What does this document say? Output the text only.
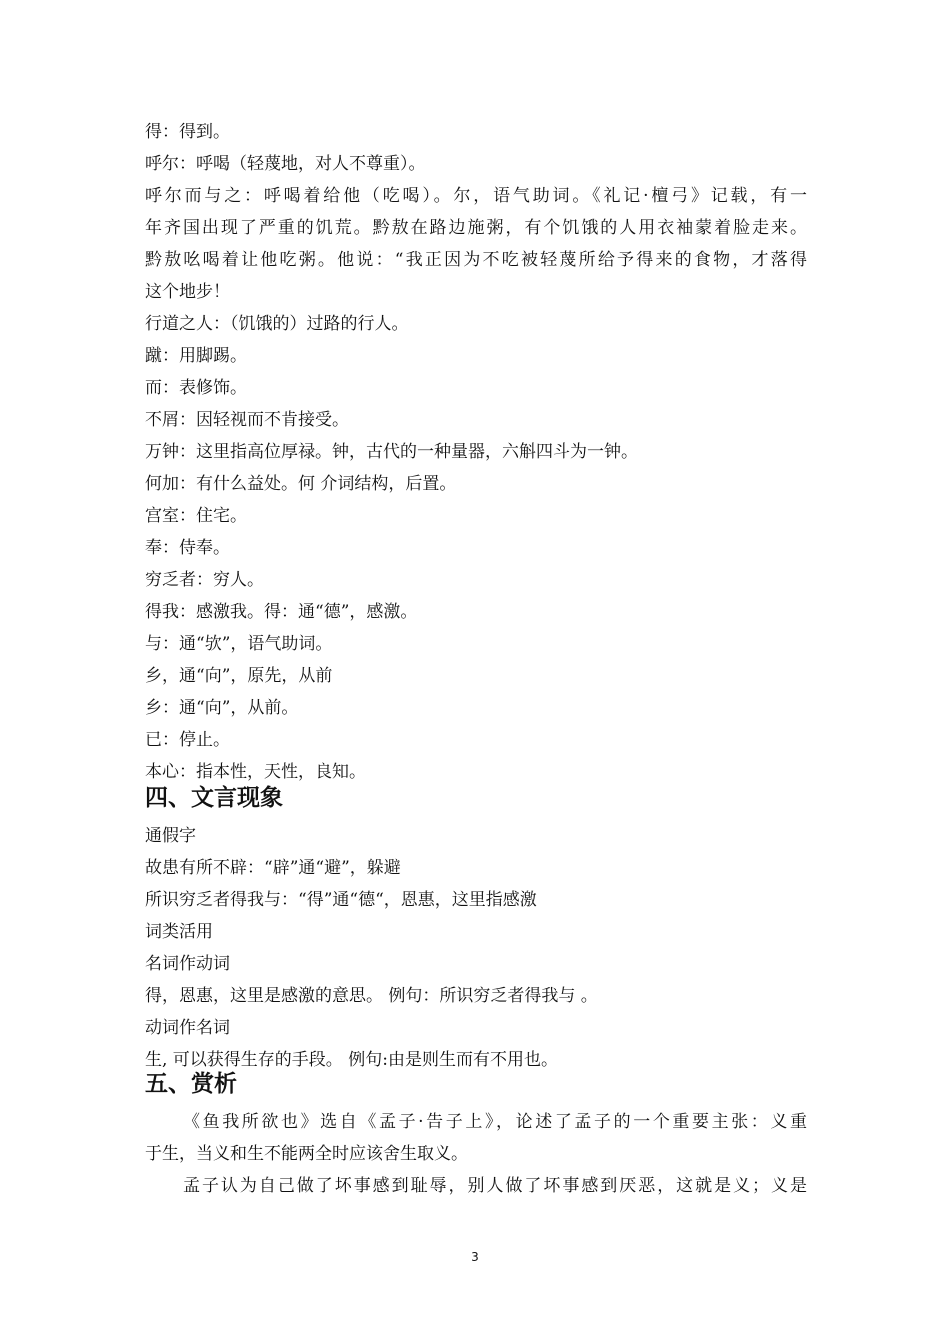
得：得到。
呼尔：呼喝（轻蔑地，对人不尊重）。
呼尔而与之：呼喝着给他（吃喝）。尔，语气助词。《礼记·檀弓》记载，有一
年齐国出现了严重的饥荒。黔敖在路边施粥，有个饥饿的人用衣袖蒙着脸走来。
黔敖吆喝着让他吃粥。他说：“我正因为不吃被轻蔑所给予得来的食物，才落得
这个地步！
行道之人：（饥饿的）过路的行人。
蹴：用脚踢。
而：表修饰。
不屑：因轻视而不肯接受。
万钟：这里指高位厚禄。钟，古代的一种量器，六斛四斗为一钟。
何加：有什么益处。何 介词结构，后置。
宫室：住宅。
奉：侍奉。
穷乏者：穷人。
得我：感激我。得：通“德”，感激。
与：通“欤”，语气助词。
乡，通“向”，原先，从前
乡：通“向”，从前。
已：停止。
本心：指本性，天性，良知。
四、文言现象
通假字
故患有所不辟：“辟”通“避”，躲避
所识穷乏者得我与：“得”通“德“，恩惠，这里指感激
词类活用
名词作动词
得，恩惠，这里是感激的意思。 例句：所识穷乏者得我与 。
动词作名词
生, 可以获得生存的手段。 例句:由是则生而有不用也。
五、赏析
《鱼我所欲也》选自《孟子·告子上》，论述了孟子的一个重要主张：义重
于生，当义和生不能两全时应该舍生取义。
孟子认为自己做了坏事感到耻辱，别人做了坏事感到厌恶，这就是义；义是
3
